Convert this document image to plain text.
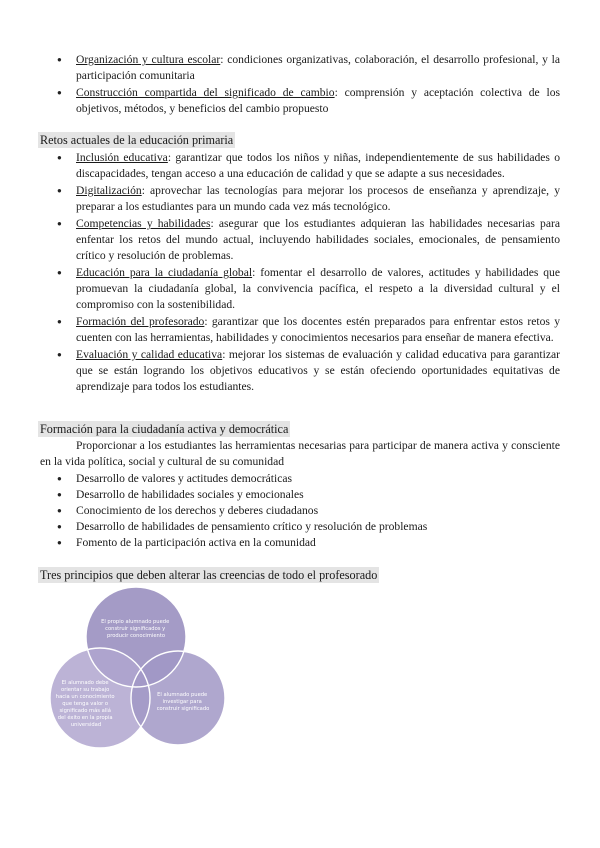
● Organización y cultura escolar: condiciones organizativas, colaboración, el desarrollo profesional, y la participación comunitaria
● Construcción compartida del significado de cambio: comprensión y aceptación colectiva de los objetivos, métodos, y beneficios del cambio propuesto
Retos actuales de la educación primaria
● Inclusión educativa: garantizar que todos los niños y niñas, independientemente de sus habilidades o discapacidades, tengan acceso a una educación de calidad y que se adapte a sus necesidades.
● Digitalización: aprovechar las tecnologías para mejorar los procesos de enseñanza y aprendizaje, y preparar a los estudiantes para un mundo cada vez más tecnológico.
● Competencias y habilidades: asegurar que los estudiantes adquieran las habilidades necesarias para enfentar los retos del mundo actual, incluyendo habilidades sociales, emocionales, de pensamiento crítico y resolución de problemas.
● Educación para la ciudadanía global: fomentar el desarrollo de valores, actitudes y habilidades que promuevan la ciudadanía global, la convivencia pacífica, el respeto a la diversidad cultural y el compromiso con la sostenibilidad.
● Formación del profesorado: garantizar que los docentes estén preparados para enfrentar estos retos y cuenten con las herramientas, habilidades y conocimientos necesarios para enseñar de manera efectiva.
● Evaluación y calidad educativa: mejorar los sistemas de evaluación y calidad educativa para garantizar que se están logrando los objetivos educativos y se están ofeciendo oportunidades equitativas de aprendizaje para todos los estudiantes.
Formación para la ciudadanía activa y democrática
Proporcionar a los estudiantes las herramientas necesarias para participar de manera activa y consciente en la vida política, social y cultural de su comunidad
● Desarrollo de valores y actitudes democráticas
● Desarrollo de habilidades sociales y emocionales
● Conocimiento de los derechos y deberes ciudadanos
● Desarrollo de habilidades de pensamiento crítico y resolución de problemas
● Fomento de la participación activa en la comunidad
Tres principios que deben alterar las creencias de todo el profesorado
El propio alumnado puede construir significados y producir conocimiento
El alumnado debe orientar su trabajo hacia un conocimiento que tenga valor o significado más allá del éxito en la propia universidad
El alumnado puede investigar para construir significado
